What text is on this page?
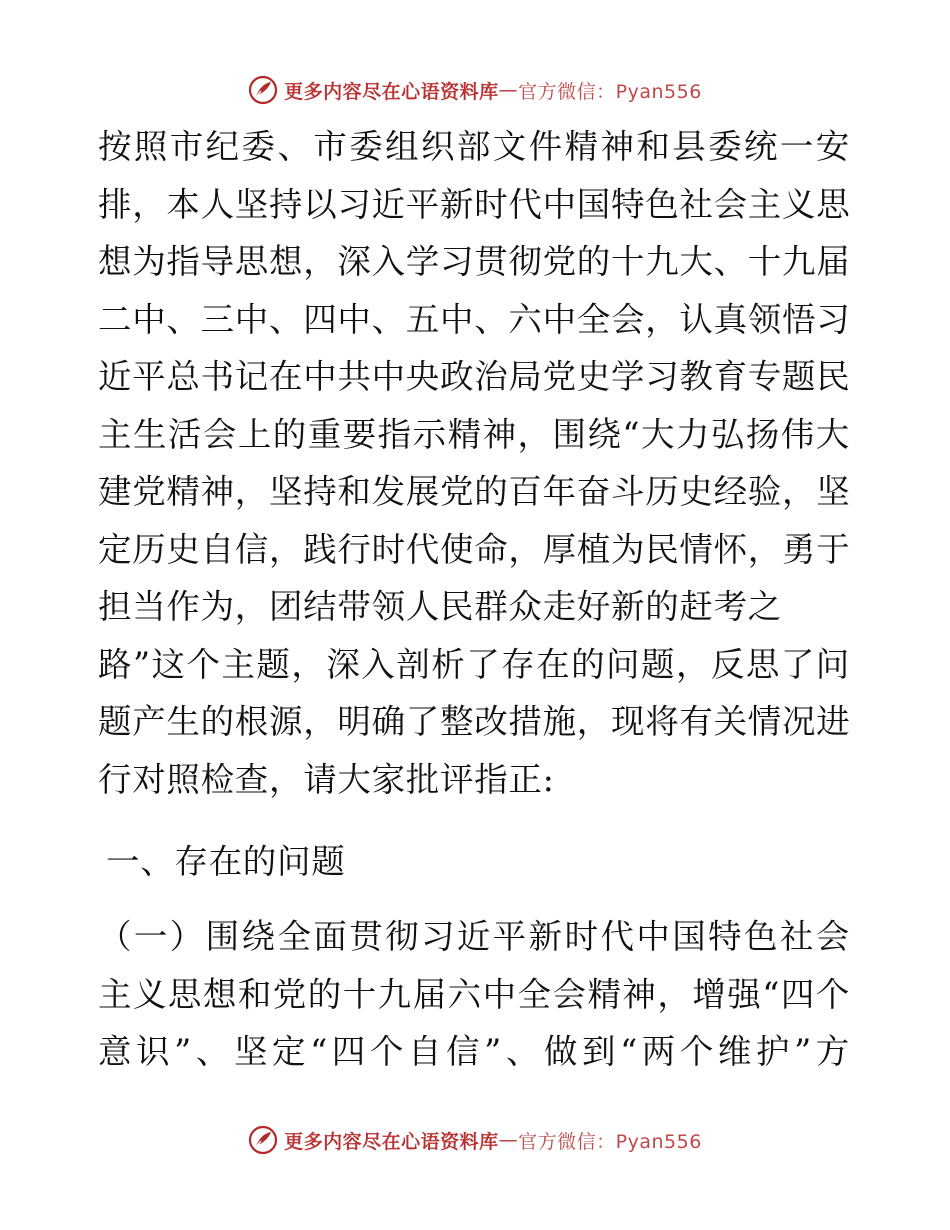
更多内容尽在心语资料库 — 官方微信：Pyan556

按照市纪委、市委组织部文件精神和县委统一安
排，本人坚持以习近平新时代中国特色社会主义思
想为指导思想，深入学习贯彻党的十九大、十九届
二中、三中、四中、五中、六中全会，认真领悟习
近平总书记在中共中央政治局党史学习教育专题民
主生活会上的重要指示精神，围绕“大力弘扬伟大
建党精神，坚持和发展党的百年奋斗历史经验，坚
定历史自信，践行时代使命，厚植为民情怀，勇于
担当作为，团结带领人民群众走好新的赶考之
路”这个主题，深入剖析了存在的问题，反思了问
题产生的根源，明确了整改措施，现将有关情况进
行对照检查，请大家批评指正:

一、存在的问题

（一）围绕全面贯彻习近平新时代中国特色社会
主义思想和党的十九届六中全会精神，增强“四个
意识”、坚定“四个自信”、做到“两个维护”方

更多内容尽在心语资料库 — 官方微信：Pyan556
